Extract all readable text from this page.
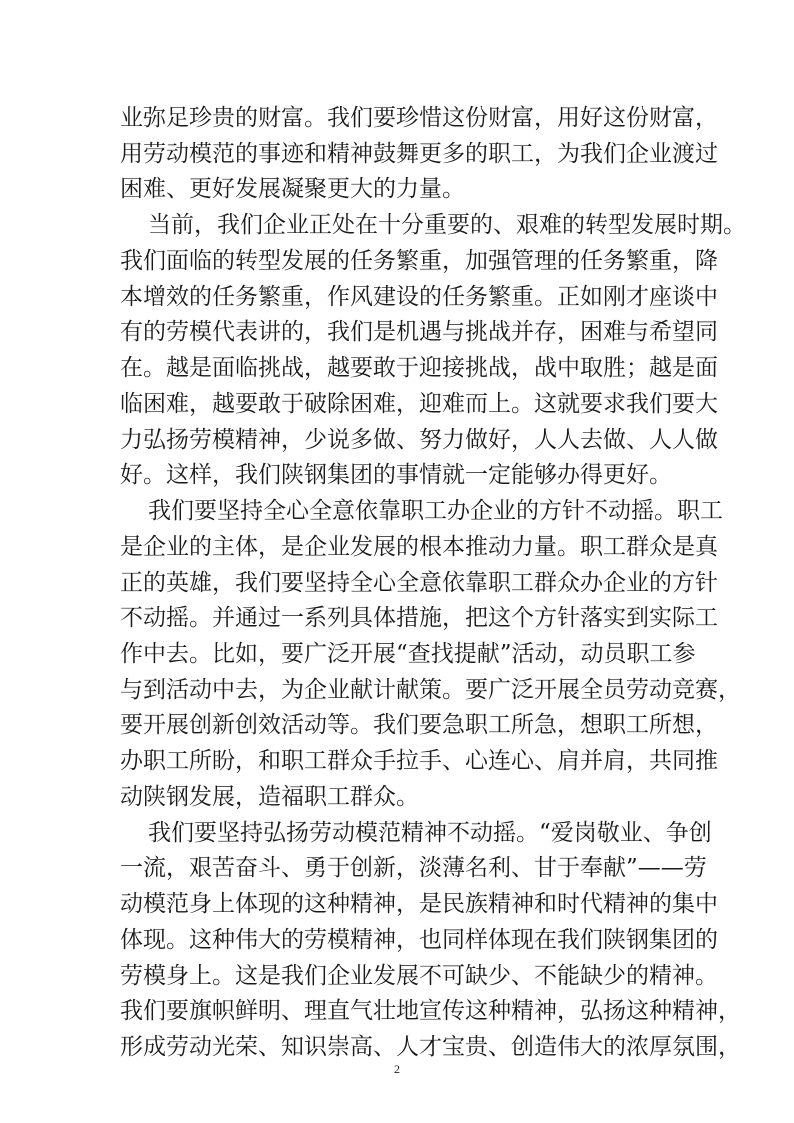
业弥足珍贵的财富。我们要珍惜这份财富，用好这份财富，
用劳动模范的事迹和精神鼓舞更多的职工，为我们企业渡过
困难、更好发展凝聚更大的力量。
当前，我们企业正处在十分重要的、艰难的转型发展时期。
我们面临的转型发展的任务繁重，加强管理的任务繁重，降
本增效的任务繁重，作风建设的任务繁重。正如刚才座谈中
有的劳模代表讲的，我们是机遇与挑战并存，困难与希望同
在。越是面临挑战，越要敢于迎接挑战，战中取胜；越是面
临困难，越要敢于破除困难，迎难而上。这就要求我们要大
力弘扬劳模精神，少说多做、努力做好，人人去做、人人做
好。这样，我们陕钢集团的事情就一定能够办得更好。
我们要坚持全心全意依靠职工办企业的方针不动摇。职工
是企业的主体，是企业发展的根本推动力量。职工群众是真
正的英雄，我们要坚持全心全意依靠职工群众办企业的方针
不动摇。并通过一系列具体措施，把这个方针落实到实际工
作中去。比如，要广泛开展“查找提献”活动，动员职工参
与到活动中去，为企业献计献策。要广泛开展全员劳动竞赛，
要开展创新创效活动等。我们要急职工所急，想职工所想，
办职工所盼，和职工群众手拉手、心连心、肩并肩，共同推
动陕钢发展，造福职工群众。
我们要坚持弘扬劳动模范精神不动摇。“爱岗敬业、争创
一流，艰苦奋斗、勇于创新，淡薄名利、甘于奉献”——劳
动模范身上体现的这种精神，是民族精神和时代精神的集中
体现。这种伟大的劳模精神，也同样体现在我们陕钢集团的
劳模身上。这是我们企业发展不可缺少、不能缺少的精神。
我们要旗帜鲜明、理直气壮地宣传这种精神，弘扬这种精神，
2
形成劳动光荣、知识崇高、人才宝贵、创造伟大的浓厚氛围，
